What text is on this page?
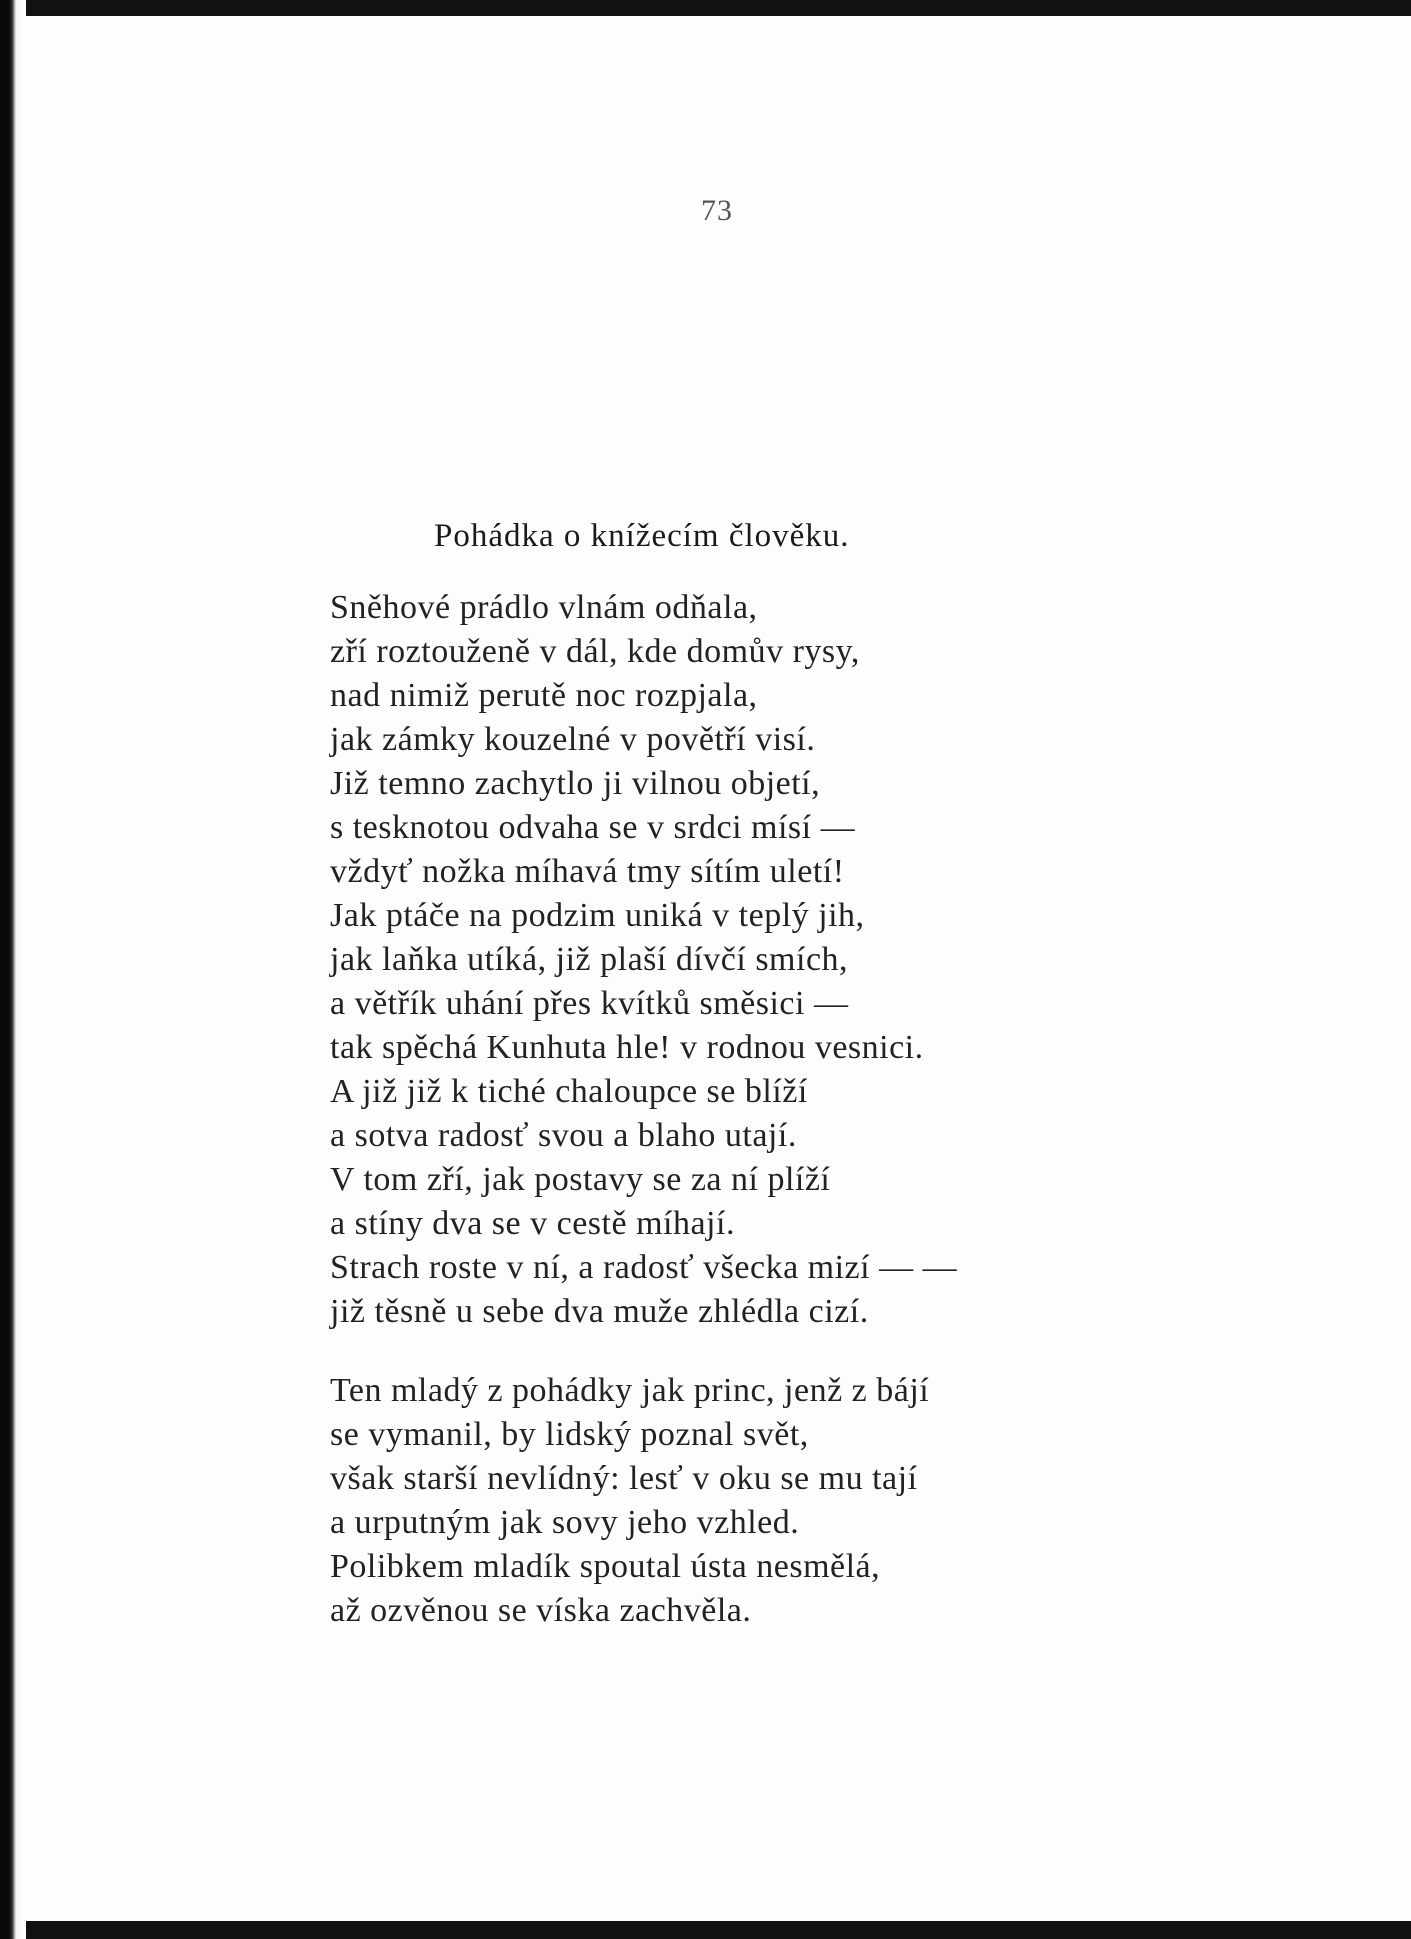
73
Pohádka o knížecím člověku.
Sněhové prádlo vlnám odňala,
zří roztouženě v dál, kde domův rysy,
nad nimiž perutě noc rozpjala,
jak zámky kouzelné v povětří visí.
Již temno zachytlo ji vilnou objetí,
s tesknotou odvaha se v srdci mísí —
vždyť nožka míhavá tmy sítím uletí!
Jak ptáče na podzim uniká v teplý jih,
jak laňka utíká, již plaší dívčí smích,
a větřík uhání přes kvítků směsici —
tak spěchá Kunhuta hle! v rodnou vesnici.
A již již k tiché chaloupce se blíží
a sotva radosť svou a blaho utají.
V tom zří, jak postavy se za ní plíží
a stíny dva se v cestě míhají.
Strach roste v ní, a radosť všecka mizí — —
již těsně u sebe dva muže zhlédla cizí.
Ten mladý z pohádky jak princ, jenž z bájí
se vymanil, by lidský poznal svět,
však starší nevlídný: lesť v oku se mu tají
a urputným jak sovy jeho vzhled.
Polibkem mladík spoutal ústa nesmělá,
až ozvěnou se víska zachvěla.
